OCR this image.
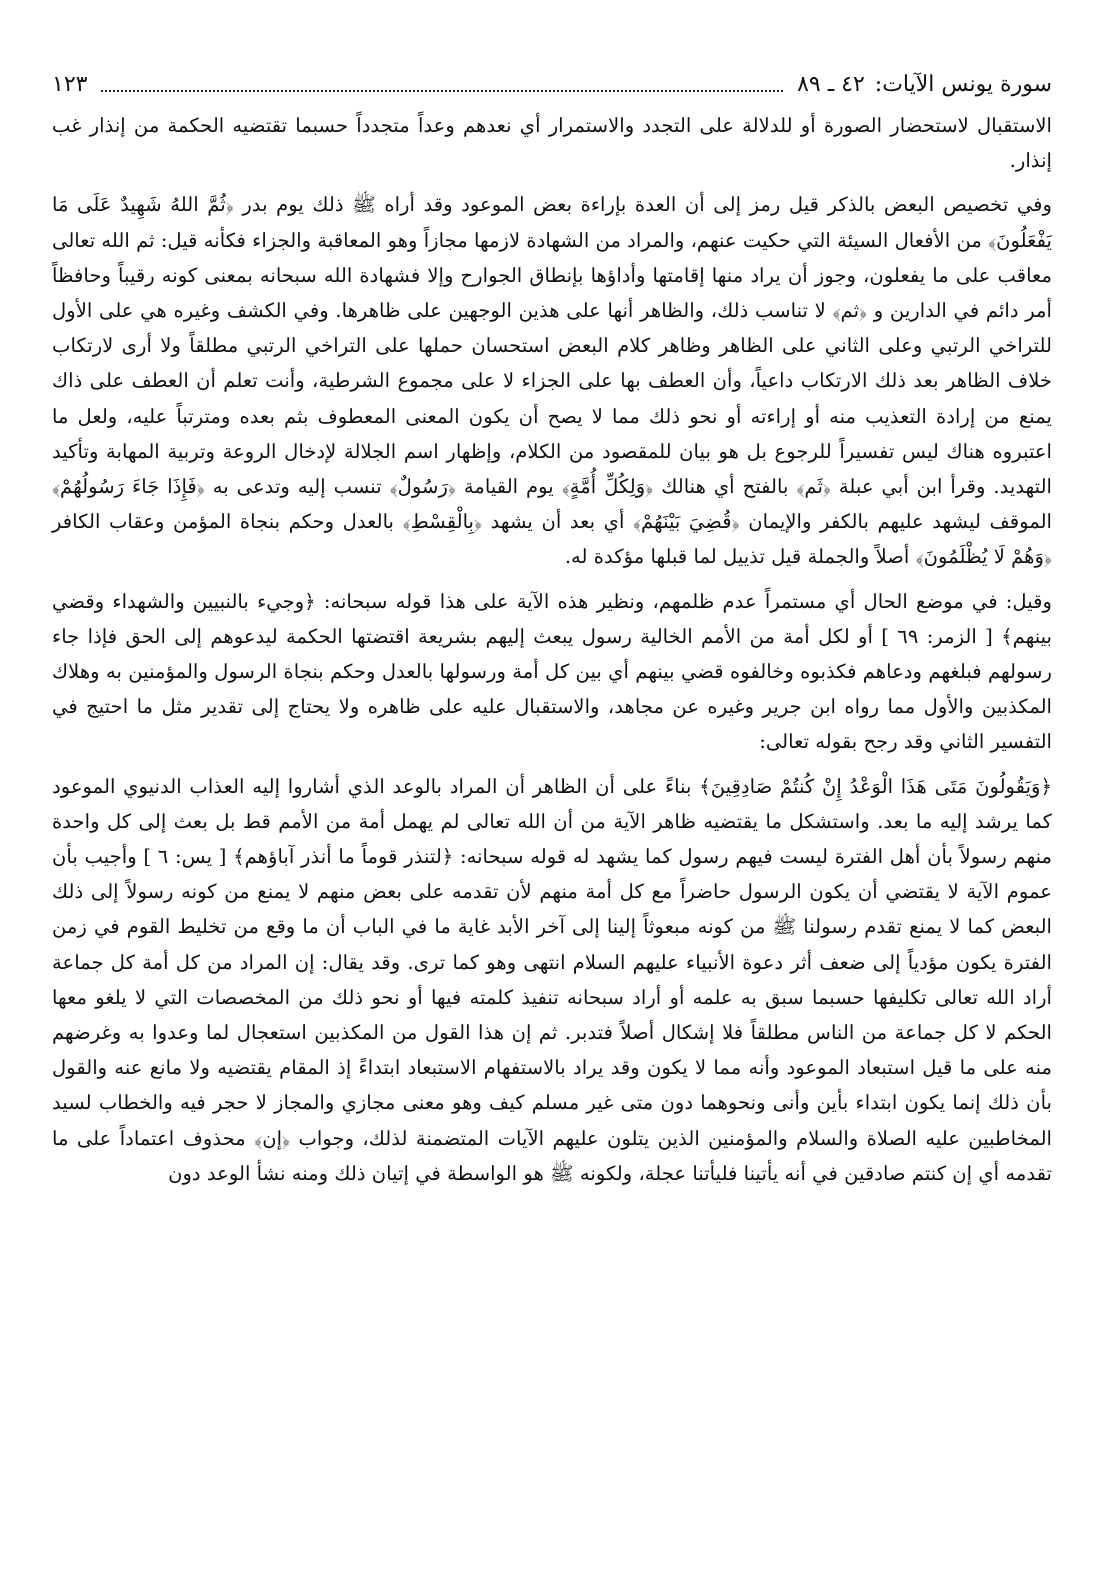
سورة يونس الآيات:
٤٢ ـ ٨٩
١٢٣

الاستقبال لاستحضار الصورة أو للدلالة على التجدد والاستمرار أي نعدهم وعداً متجدداً حسبما تقتضيه الحكمة من إنذار غب إنذار.

وفي تخصيص البعض بالذكر قيل رمز إلى أن العدة بإراءة بعض الموعود وقد أراه ﷺ ذلك يوم بدر ﴿ثُمَّ اللهُ شَهِيدٌ عَلَى مَا يَفْعَلُونَ﴾ من الأفعال السيئة التي حكيت عنهم، والمراد من الشهادة لازمها مجازاً وهو المعاقبة والجزاء فكأنه قيل: ثم الله تعالى معاقب على ما يفعلون، وجوز أن يراد منها إقامتها وأداؤها بإنطاق الجوارح وإلا فشهادة الله سبحانه بمعنى كونه رقيباً وحافظاً أمر دائم في الدارين و ﴿ثم﴾ لا تناسب ذلك، والظاهر أنها على هذين الوجهين على ظاهرها. وفي الكشف وغيره هي على الأول للتراخي الرتبي وعلى الثاني على الظاهر وظاهر كلام البعض استحسان حملها على التراخي الرتبي مطلقاً ولا أرى لارتكاب خلاف الظاهر بعد ذلك الارتكاب داعياً، وأن العطف بها على الجزاء لا على مجموع الشرطية، وأنت تعلم أن العطف على ذاك يمنع من إرادة التعذيب منه أو إراءته أو نحو ذلك مما لا يصح أن يكون المعنى المعطوف بثم بعده ومترتباً عليه، ولعل ما اعتبروه هناك ليس تفسيراً للرجوع بل هو بيان للمقصود من الكلام، وإظهار اسم الجلالة لإدخال الروعة وتربية المهابة وتأكيد التهديد. وقرأ ابن أبي عبلة ﴿ثَم﴾ بالفتح أي هنالك ﴿وَلِكُلِّ أُمَّةٍ﴾ يوم القيامة ﴿رَسُولٌ﴾ تنسب إليه وتدعى به ﴿فَإِذَا جَاءَ رَسُولُهُمْ﴾ الموقف ليشهد عليهم بالكفر والإيمان ﴿قُضِيَ بَيْنَهُمْ﴾ أي بعد أن يشهد ﴿بِالْقِسْطِ﴾ بالعدل وحكم بنجاة المؤمن وعقاب الكافر ﴿وَهُمْ لَا يُظْلَمُونَ﴾ أصلاً والجملة قيل تذييل لما قبلها مؤكدة له.

وقيل: في موضع الحال أي مستمراً عدم ظلمهم، ونظير هذه الآية على هذا قوله سبحانه: ﴿وجيء بالنبيين والشهداء وقضي بينهم﴾ [ الزمر: ٦٩ ] أو لكل أمة من الأمم الخالية رسول يبعث إليهم بشريعة اقتضتها الحكمة ليدعوهم إلى الحق فإذا جاء رسولهم فبلغهم ودعاهم فكذبوه وخالفوه قضي بينهم أي بين كل أمة ورسولها بالعدل وحكم بنجاة الرسول والمؤمنين به وهلاك المكذبين والأول مما رواه ابن جرير وغيره عن مجاهد، والاستقبال عليه على ظاهره ولا يحتاج إلى تقدير مثل ما احتيج في التفسير الثاني وقد رجح بقوله تعالى:

﴿وَيَقُولُونَ مَتَى هَذَا الْوَعْدُ إِنْ كُنتُمْ صَادِقِينَ﴾ بناءً على أن الظاهر أن المراد بالوعد الذي أشاروا إليه العذاب الدنيوي الموعود كما يرشد إليه ما بعد. واستشكل ما يقتضيه ظاهر الآية من أن الله تعالى لم يهمل أمة من الأمم قط بل بعث إلى كل واحدة منهم رسولاً بأن أهل الفترة ليست فيهم رسول كما يشهد له قوله سبحانه: ﴿لتنذر قوماً ما أنذر آباؤهم﴾ [ يس: ٦ ] وأجيب بأن عموم الآية لا يقتضي أن يكون الرسول حاضراً مع كل أمة منهم لأن تقدمه على بعض منهم لا يمنع من كونه رسولاً إلى ذلك البعض كما لا يمنع تقدم رسولنا ﷺ من كونه مبعوثاً إلينا إلى آخر الأبد غاية ما في الباب أن ما وقع من تخليط القوم في زمن الفترة يكون مؤدياً إلى ضعف أثر دعوة الأنبياء عليهم السلام انتهى وهو كما ترى. وقد يقال: إن المراد من كل أمة كل جماعة أراد الله تعالى تكليفها حسبما سبق به علمه أو أراد سبحانه تنفيذ كلمته فيها أو نحو ذلك من المخصصات التي لا يلغو معها الحكم لا كل جماعة من الناس مطلقاً فلا إشكال أصلاً فتدبر. ثم إن هذا القول من المكذبين استعجال لما وعدوا به وغرضهم منه على ما قيل استبعاد الموعود وأنه مما لا يكون وقد يراد بالاستفهام الاستبعاد ابتداءً إذ المقام يقتضيه ولا مانع عنه والقول بأن ذلك إنما يكون ابتداء بأين وأنى ونحوهما دون متى غير مسلم كيف وهو معنى مجازي والمجاز لا حجر فيه والخطاب لسيد المخاطبين عليه الصلاة والسلام والمؤمنين الذين يتلون عليهم الآيات المتضمنة لذلك، وجواب ﴿إن﴾ محذوف اعتماداً على ما تقدمه أي إن كنتم صادقين في أنه يأتينا فليأتنا عجلة، ولكونه ﷺ هو الواسطة في إتيان ذلك ومنه نشأ الوعد دون
